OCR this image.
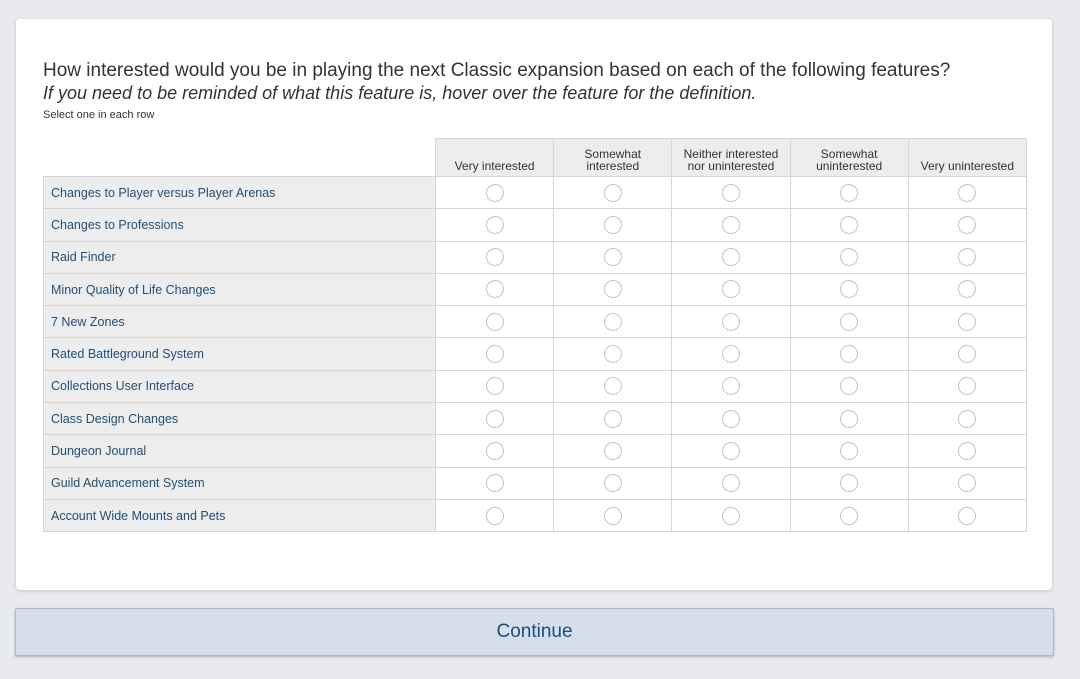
How interested would you be in playing the next Classic expansion based on each of the following features?
If you need to be reminded of what this feature is, hover over the feature for the definition.
Select one in each row
	Very interested	Somewhat
interested	Neither interested
nor uninterested	Somewhat
uninterested	Very uninterested
Changes to Player versus Player Arenas					
Changes to Professions					
Raid Finder					
Minor Quality of Life Changes					
7 New Zones					
Rated Battleground System					
Collections User Interface					
Class Design Changes					
Dungeon Journal					
Guild Advancement System					
Account Wide Mounts and Pets					
Continue
